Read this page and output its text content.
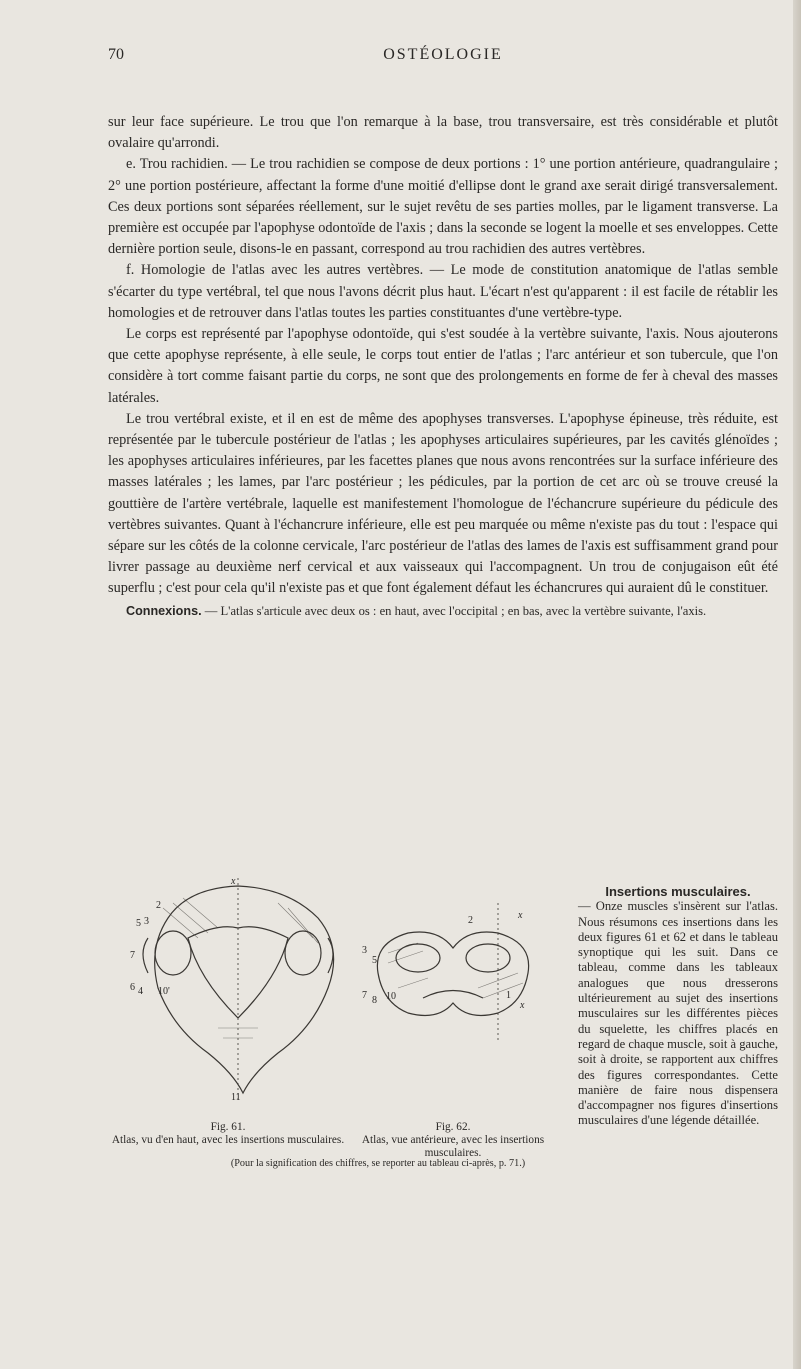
70	OSTÉOLOGIE

sur leur face supérieure. Le trou que l'on remarque à la base, trou transversaire, est très considérable et plutôt ovalaire qu'arrondi.

e. Trou rachidien. — Le trou rachidien se compose de deux portions : 1° une portion antérieure, quadrangulaire ; 2° une portion postérieure, affectant la forme d'une moitié d'ellipse dont le grand axe serait dirigé transversalement. Ces deux portions sont séparées réellement, sur le sujet revêtu de ses parties molles, par le ligament transverse. La première est occupée par l'apophyse odontoïde de l'axis ; dans la seconde se logent la moelle et ses enveloppes. Cette dernière portion seule, disons-le en passant, correspond au trou rachidien des autres vertèbres.

f. Homologie de l'atlas avec les autres vertèbres. — Le mode de constitution anatomique de l'atlas semble s'écarter du type vertébral, tel que nous l'avons décrit plus haut. L'écart n'est qu'apparent : il est facile de rétablir les homologies et de retrouver dans l'atlas toutes les parties constituantes d'une vertèbre-type.

Le corps est représenté par l'apophyse odontoïde, qui s'est soudée à la vertèbre suivante, l'axis. Nous ajouterons que cette apophyse représente, à elle seule, le corps tout entier de l'atlas ; l'arc antérieur et son tubercule, que l'on considère à tort comme faisant partie du corps, ne sont que des prolongements en forme de fer à cheval des masses latérales.

Le trou vertébral existe, et il en est de même des apophyses transverses. L'apophyse épineuse, très réduite, est représentée par le tubercule postérieur de l'atlas ; les apophyses articulaires supérieures, par les cavités glénoïdes ; les apophyses articulaires inférieures, par les facettes planes que nous avons rencontrées sur la surface inférieure des masses latérales ; les lames, par l'arc postérieur ; les pédicules, par la portion de cet arc où se trouve creusé la gouttière de l'artère vertébrale, laquelle est manifestement l'homologue de l'échancrure supérieure du pédicule des vertèbres suivantes. Quant à l'échancrure inférieure, elle est peu marquée ou même n'existe pas du tout : l'espace qui sépare sur les côtés de la colonne cervicale, l'arc postérieur de l'atlas des lames de l'axis est suffisamment grand pour livrer passage au deuxième nerf cervical et aux vaisseaux qui l'accompagnent. Un trou de conjugaison eût été superflu ; c'est pour cela qu'il n'existe pas et que font également défaut les échancrures qui auraient dû le constituer.

Connexions. — L'atlas s'articule avec deux os : en haut, avec l'occipital ; en bas, avec la vertèbre suivante, l'axis.

2
5 3
7
6 4 10'
11
x
x
2
3
5
7 8 10	1
x
Fig. 61.
Atlas, vu d'en haut, avec les insertions musculaires.
Fig. 62.
Atlas, vue antérieure, avec les insertions musculaires.
(Pour la signification des chiffres, se reporter au tableau ci-après, p. 71.)
Insertions musculaires.
— Onze muscles s'insèrent sur l'atlas. Nous résumons ces insertions dans les deux figures 61 et 62 et dans le tableau synoptique qui les suit. Dans ce tableau, comme dans les tableaux analogues que nous dresserons ultérieurement au sujet des insertions musculaires sur les différentes pièces du squelette, les chiffres placés en regard de chaque muscle, soit à gauche, soit à droite, se rapportent aux chiffres des figures correspondantes. Cette manière de faire nous dispensera d'accompagner nos figures d'insertions musculaires d'une légende détaillée.
